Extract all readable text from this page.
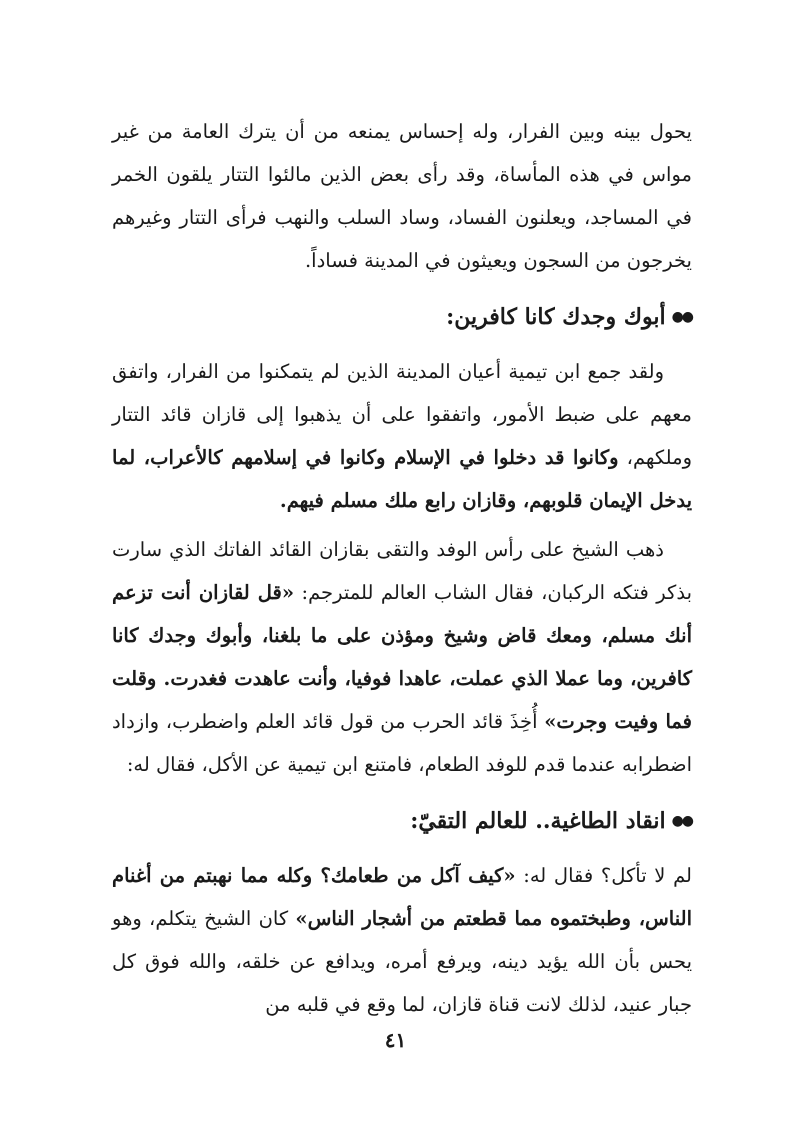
يحول بينه وبين الفرار، وله إحساس يمنعه من أن يترك العامة من غير مواس في هذه المأساة، وقد رأى بعض الذين مالئوا التتار يلقون الخمر في المساجد، ويعلنون الفساد، وساد السلب والنهب فرأى التتار وغيرهم يخرجون من السجون ويعيثون في المدينة فساداً.

●●
أبوك وجدك كانا كافرين:

ولقد جمع ابن تيمية أعيان المدينة الذين لم يتمكنوا من الفرار، واتفق معهم على ضبط الأمور، واتفقوا على أن يذهبوا إلى قازان قائد التتار وملكهم، وكانوا قد دخلوا في الإسلام وكانوا في إسلامهم كالأعراب، لما يدخل الإيمان قلوبهم، وقازان رابع ملك مسلم فيهم.

ذهب الشيخ على رأس الوفد والتقى بقازان القائد الفاتك الذي سارت بذكر فتكه الركبان، فقال الشاب العالم للمترجم: «قل لقازان أنت تزعم أنك مسلم، ومعك قاض وشيخ ومؤذن على ما بلغنا، وأبوك وجدك كانا كافرين، وما عملا الذي عملت، عاهدا فوفيا، وأنت عاهدت فغدرت. وقلت فما وفيت وجرت» أُخِذَ قائد الحرب من قول قائد العلم واضطرب، وازداد اضطرابه عندما قدم للوفد الطعام، فامتنع ابن تيمية عن الأكل، فقال له:

●●
انقاد الطاغية.. للعالم التقيّ:

لم لا تأكل؟ فقال له: «كيف آكل من طعامك؟ وكله مما نهبتم من أغنام الناس، وطبختموه مما قطعتم من أشجار الناس» كان الشيخ يتكلم، وهو يحس بأن الله يؤيد دينه، ويرفع أمره، ويدافع عن خلقه، والله فوق كل جبار عنيد، لذلك لانت قناة قازان، لما وقع في قلبه من

٤١
